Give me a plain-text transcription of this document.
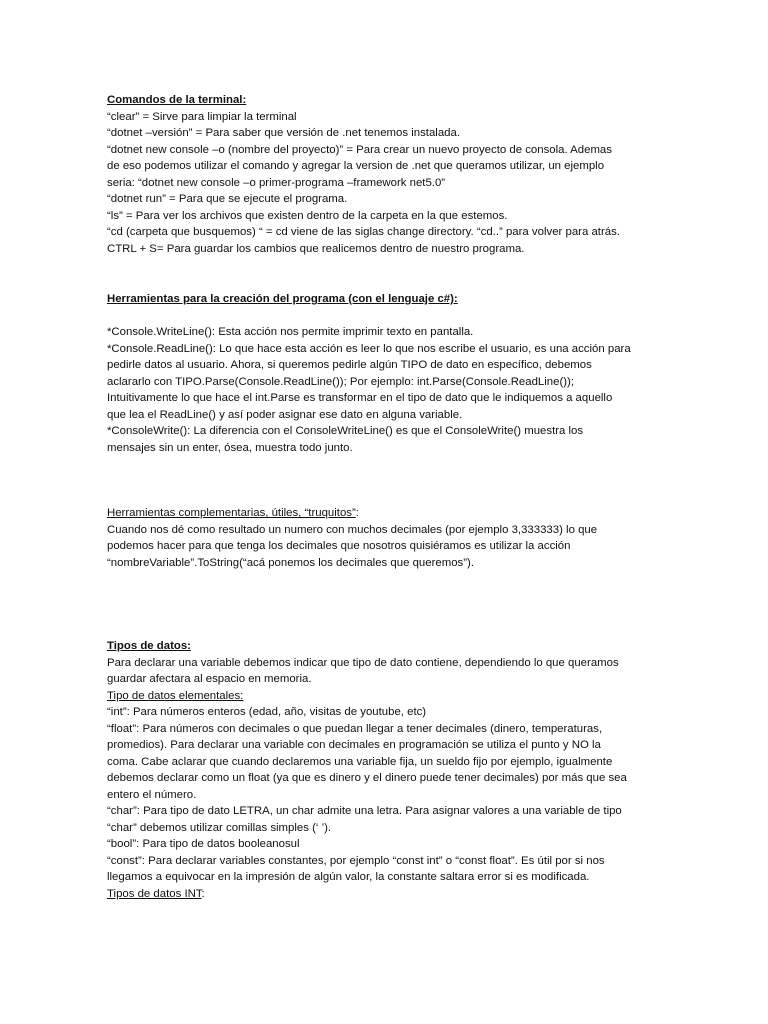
Comandos de la terminal:
“clear” = Sirve para limpiar la terminal
“dotnet –versión” = Para saber que versión de .net tenemos instalada.
“dotnet new console –o (nombre del proyecto)” = Para crear un nuevo proyecto de consola. Ademas
de eso podemos utilizar el comando y agregar la version de .net que queramos utilizar, un ejemplo
seria: “dotnet new console –o primer-programa –framework net5.0”
“dotnet run” = Para que se ejecute el programa.
“ls” = Para ver los archivos que existen dentro de la carpeta en la que estemos.
“cd (carpeta que busquemos) “ = cd viene de las siglas change directory. “cd..” para volver para atrás.
CTRL + S= Para guardar los cambios que realicemos dentro de nuestro programa.
Herramientas para la creación del programa (con el lenguaje c#):

*Console.WriteLine(): Esta acción nos permite imprimir texto en pantalla.
*Console.ReadLine(): Lo que hace esta acción es leer lo que nos escribe el usuario, es una acción para
pedirle datos al usuario. Ahora, si queremos pedirle algún TIPO de dato en específico, debemos
aclararlo con TIPO.Parse(Console.ReadLine()); Por ejemplo: int.Parse(Console.ReadLine());
Intuitivamente lo que hace el int.Parse es transformar en el tipo de dato que le indiquemos a aquello
que lea el ReadLine() y así poder asignar ese dato en alguna variable.
*ConsoleWrite(): La diferencia con el ConsoleWriteLine() es que el ConsoleWrite() muestra los
mensajes sin un enter, ósea, muestra todo junto.
Herramientas complementarias, útiles, “truquitos”:
Cuando nos dé como resultado un numero con muchos decimales (por ejemplo 3,333333) lo que
podemos hacer para que tenga los decimales que nosotros quisiéramos es utilizar la acción
“nombreVariable”.ToString(“acá ponemos los decimales que queremos”).
Tipos de datos:
Para declarar una variable debemos indicar que tipo de dato contiene, dependiendo lo que queramos
guardar afectara al espacio en memoria.
Tipo de datos elementales:
“int”: Para números enteros (edad, año, visitas de youtube, etc)
“float”: Para números con decimales o que puedan llegar a tener decimales (dinero, temperaturas,
promedios). Para declarar una variable con decimales en programación se utiliza el punto y NO la
coma. Cabe aclarar que cuando declaremos una variable fija, un sueldo fijo por ejemplo, igualmente
debemos declarar como un float (ya que es dinero y el dinero puede tener decimales) por más que sea
entero el número.
“char”: Para tipo de dato LETRA, un char admite una letra. Para asignar valores a una variable de tipo
“char” debemos utilizar comillas simples (‘ ’).
“bool”: Para tipo de datos booleanosul
“const”: Para declarar variables constantes, por ejemplo “const int” o “const float”. Es útil por si nos
llegamos a equivocar en la impresión de algún valor, la constante saltara error si es modificada.
Tipos de datos INT:
